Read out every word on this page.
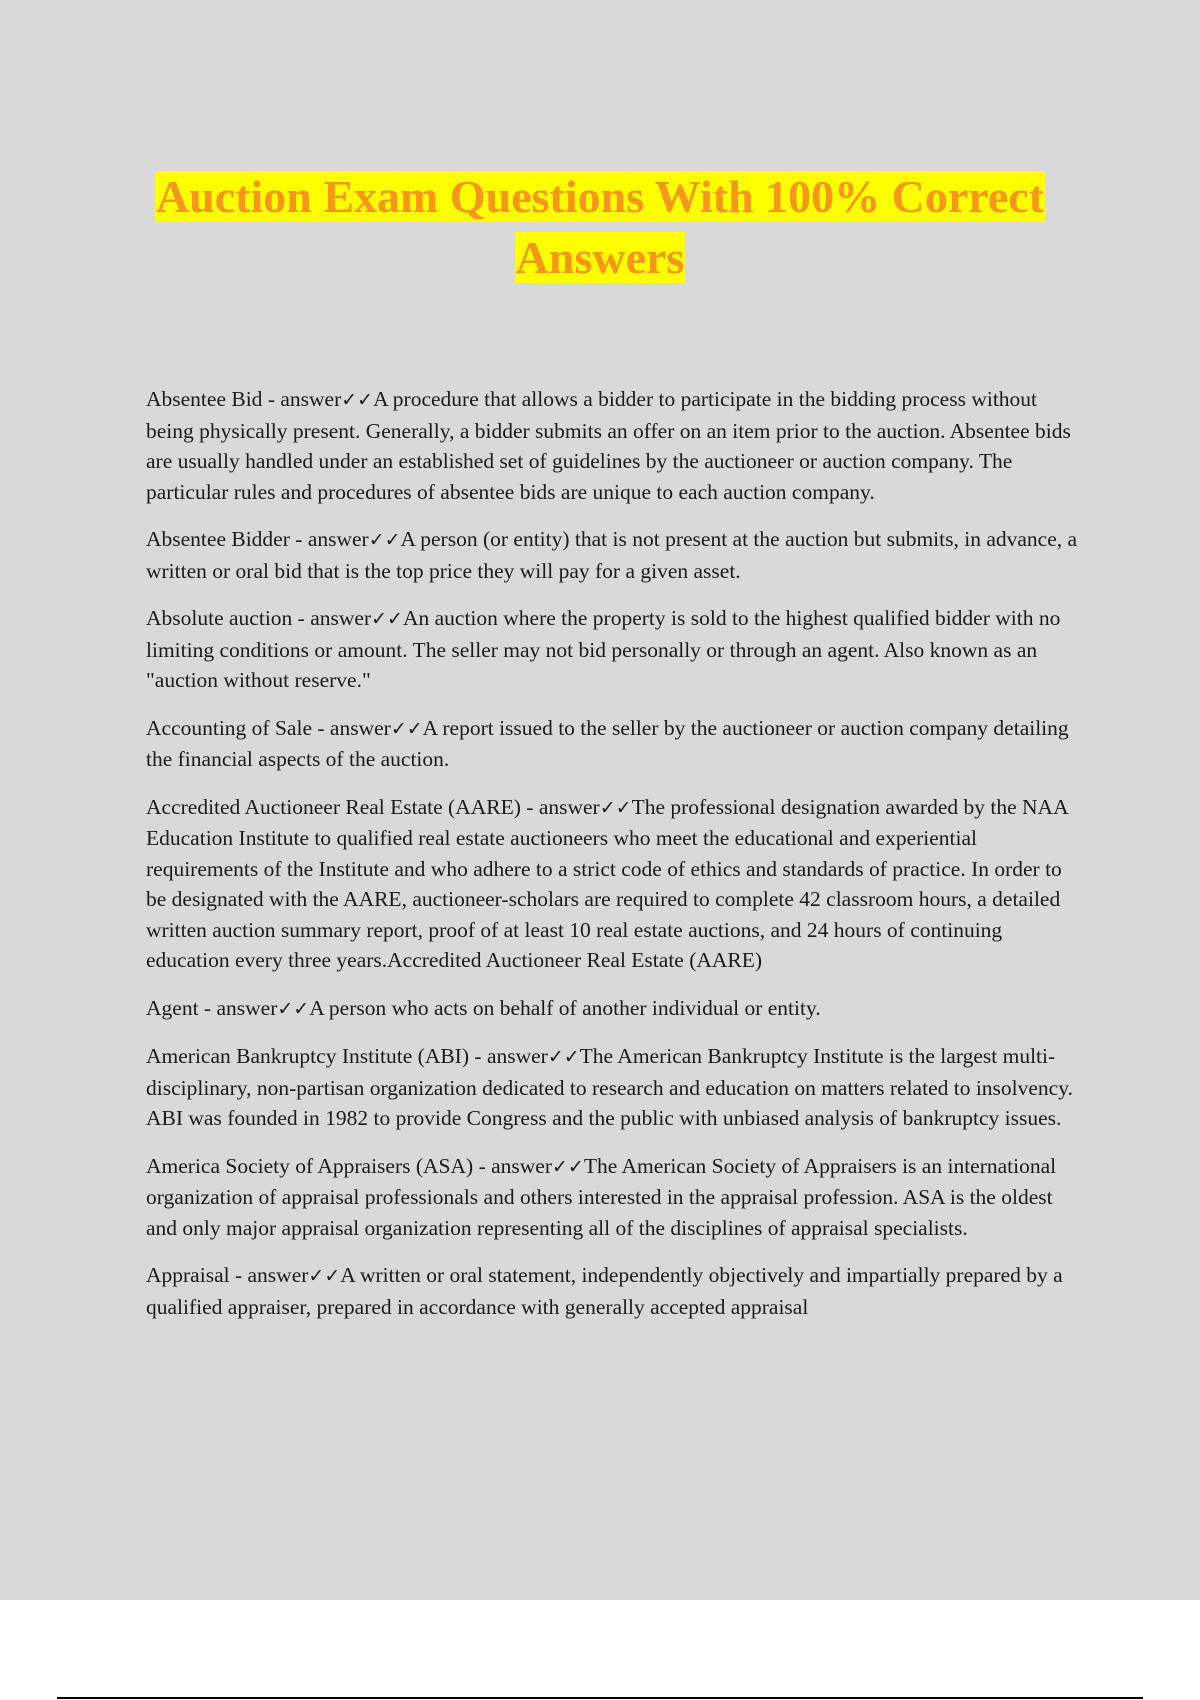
Auction Exam Questions With 100% Correct Answers

Absentee Bid - answer✓✓A procedure that allows a bidder to participate in the bidding process without being physically present. Generally, a bidder submits an offer on an item prior to the auction. Absentee bids are usually handled under an established set of guidelines by the auctioneer or auction company. The particular rules and procedures of absentee bids are unique to each auction company.

Absentee Bidder - answer✓✓A person (or entity) that is not present at the auction but submits, in advance, a written or oral bid that is the top price they will pay for a given asset.

Absolute auction - answer✓✓An auction where the property is sold to the highest qualified bidder with no limiting conditions or amount. The seller may not bid personally or through an agent. Also known as an "auction without reserve."

Accounting of Sale - answer✓✓A report issued to the seller by the auctioneer or auction company detailing the financial aspects of the auction.

Accredited Auctioneer Real Estate (AARE) - answer✓✓The professional designation awarded by the NAA Education Institute to qualified real estate auctioneers who meet the educational and experiential requirements of the Institute and who adhere to a strict code of ethics and standards of practice. In order to be designated with the AARE, auctioneer-scholars are required to complete 42 classroom hours, a detailed written auction summary report, proof of at least 10 real estate auctions, and 24 hours of continuing education every three years.Accredited Auctioneer Real Estate (AARE)

Agent - answer✓✓A person who acts on behalf of another individual or entity.

American Bankruptcy Institute (ABI) - answer✓✓The American Bankruptcy Institute is the largest multi-disciplinary, non-partisan organization dedicated to research and education on matters related to insolvency. ABI was founded in 1982 to provide Congress and the public with unbiased analysis of bankruptcy issues.

America Society of Appraisers (ASA) - answer✓✓The American Society of Appraisers is an international organization of appraisal professionals and others interested in the appraisal profession. ASA is the oldest and only major appraisal organization representing all of the disciplines of appraisal specialists.

Appraisal - answer✓✓A written or oral statement, independently objectively and impartially prepared by a qualified appraiser, prepared in accordance with generally accepted appraisal
